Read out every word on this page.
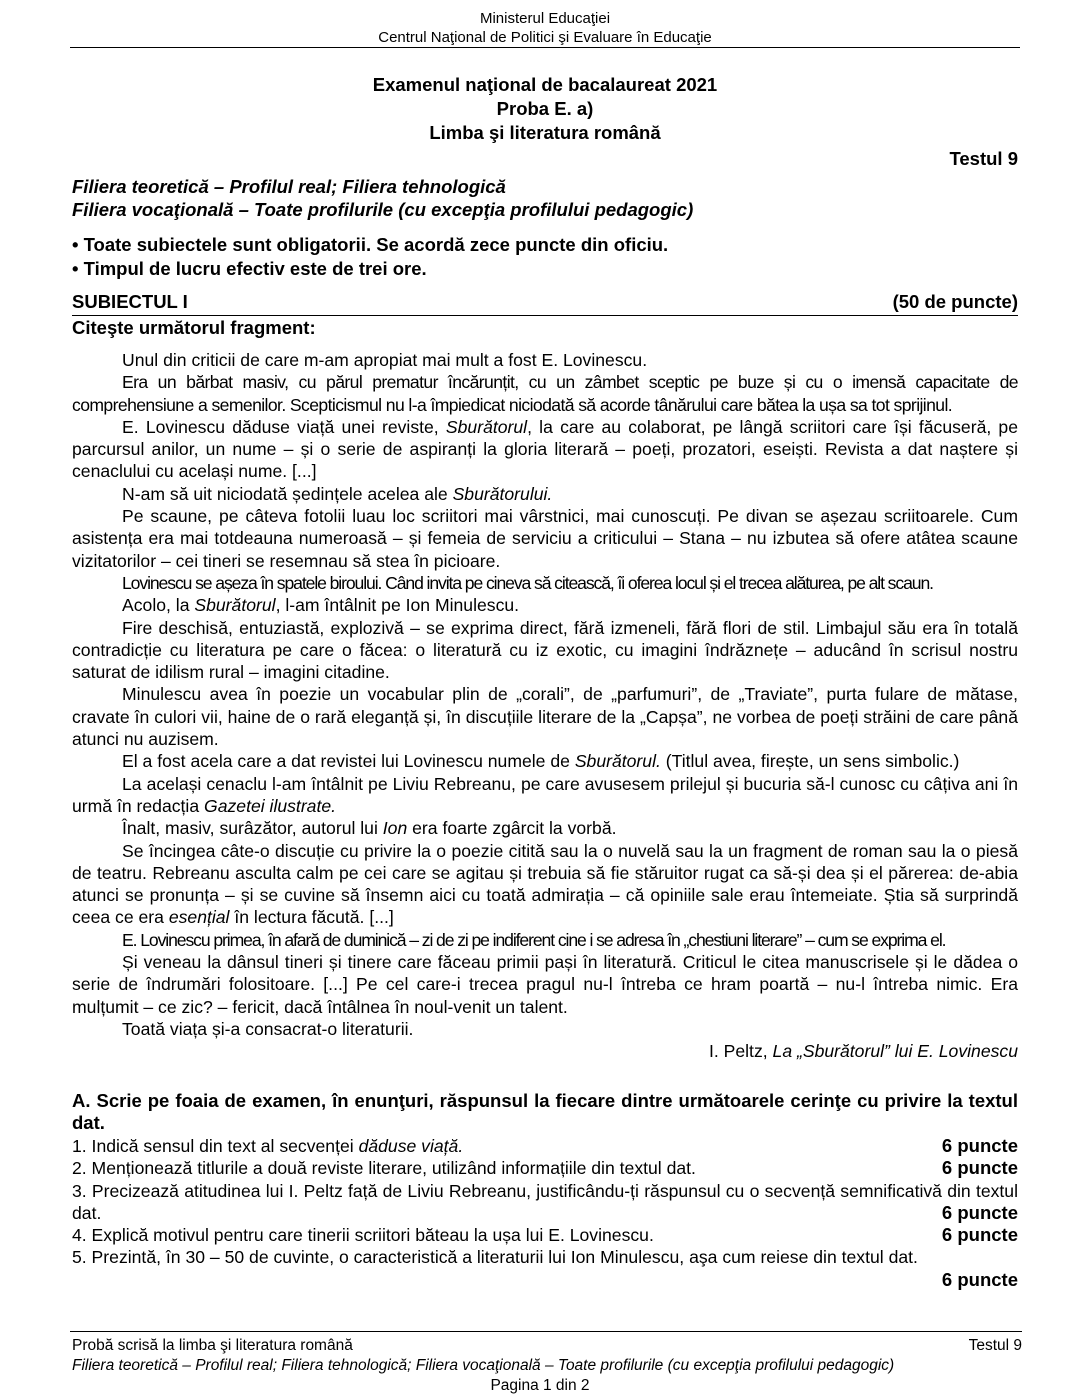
Ministerul Educaţiei
Centrul Naţional de Politici şi Evaluare în Educaţie
Examenul naţional de bacalaureat 2021
Proba E. a)
Limba şi literatura română
Testul 9
Filiera teoretică – Profilul real; Filiera tehnologică
Filiera vocaţională – Toate profilurile (cu excepţia profilului pedagogic)
• Toate subiectele sunt obligatorii. Se acordă zece puncte din oficiu.
• Timpul de lucru efectiv este de trei ore.
SUBIECTUL I	(50 de puncte)
Citeşte următorul fragment:

Unul din criticii de care m-am apropiat mai mult a fost E. Lovinescu.

Era un bărbat masiv, cu părul prematur încărunțit, cu un zâmbet sceptic pe buze și cu o imensă capacitate de comprehensiune a semenilor. Scepticismul nu l-a împiedicat niciodată să acorde tânărului care bătea la ușa sa tot sprijinul.

E. Lovinescu dăduse viață unei reviste, Sburătorul, la care au colaborat, pe lângă scriitori care își făcuseră, pe parcursul anilor, un nume – și o serie de aspiranți la gloria literară – poeți, prozatori, eseiști. Revista a dat naștere și cenaclului cu același nume. [...]

N-am să uit niciodată ședințele acelea ale Sburătorului.

Pe scaune, pe câteva fotolii luau loc scriitori mai vârstnici, mai cunoscuți. Pe divan se așezau scriitoarele. Cum asistența era mai totdeauna numeroasă – și femeia de serviciu a criticului – Stana – nu izbutea să ofere atâtea scaune vizitatorilor – cei tineri se resemnau să stea în picioare.

Lovinescu se așeza în spatele biroului. Când invita pe cineva să citească, îi oferea locul și el trecea alăturea, pe alt scaun.

Acolo, la Sburătorul, l-am întâlnit pe Ion Minulescu.

Fire deschisă, entuziastă, explozivă – se exprima direct, fără izmeneli, fără flori de stil. Limbajul său era în totală contradicție cu literatura pe care o făcea: o literatură cu iz exotic, cu imagini îndrăznețe – aducând în scrisul nostru saturat de idilism rural – imagini citadine.

Minulescu avea în poezie un vocabular plin de „corali”, de „parfumuri”, de „Traviate”, purta fulare de mătase, cravate în culori vii, haine de o rară eleganță și, în discuțiile literare de la „Capșa”, ne vorbea de poeți străini de care până atunci nu auzisem.

El a fost acela care a dat revistei lui Lovinescu numele de Sburătorul. (Titlul avea, firește, un sens simbolic.)

La același cenaclu l-am întâlnit pe Liviu Rebreanu, pe care avusesem prilejul și bucuria să-l cunosc cu câțiva ani în urmă în redacția Gazetei ilustrate.

Înalt, masiv, surâzător, autorul lui Ion era foarte zgârcit la vorbă.

Se încingea câte-o discuție cu privire la o poezie citită sau la o nuvelă sau la un fragment de roman sau la o piesă de teatru. Rebreanu asculta calm pe cei care se agitau și trebuia să fie stăruitor rugat ca să-și dea și el părerea: de-abia atunci se pronunța – și se cuvine să însemn aici cu toată admirația – că opiniile sale erau întemeiate. Știa să surprindă ceea ce era esențial în lectura făcută. [...]

E. Lovinescu primea, în afară de duminică – zi de zi pe indiferent cine i se adresa în „chestiuni literare” – cum se exprima el.

Și veneau la dânsul tineri și tinere care făceau primii pași în literatură. Criticul le citea manuscrisele și le dădea o serie de îndrumări folositoare. [...] Pe cel care-i trecea pragul nu-l întreba ce hram poartă – nu-l întreba nimic. Era mulțumit – ce zic? – fericit, dacă întâlnea în noul-venit un talent.

Toată viața și-a consacrat-o literaturii.

I. Peltz, La „Sburătorul” lui E. Lovinescu
A. Scrie pe foaia de examen, în enunţuri, răspunsul la fiecare dintre următoarele cerinţe cu privire la textul dat.
1. Indică sensul din text al secvenței dăduse viață.	6 puncte
2. Menționează titlurile a două reviste literare, utilizând informațiile din textul dat.	6 puncte
3. Precizează atitudinea lui I. Peltz față de Liviu Rebreanu, justificându-ți răspunsul cu o secvență semnificativă din textul dat.	6 puncte
4. Explică motivul pentru care tinerii scriitori băteau la ușa lui E. Lovinescu.	6 puncte
5. Prezintă, în 30 – 50 de cuvinte, o caracteristică a literaturii lui Ion Minulescu, aşa cum reiese din textul dat.
6 puncte
Probă scrisă la limba şi literatura română	Testul 9
Filiera teoretică – Profilul real; Filiera tehnologică; Filiera vocaţională – Toate profilurile (cu excepţia profilului pedagogic)
Pagina 1 din 2
